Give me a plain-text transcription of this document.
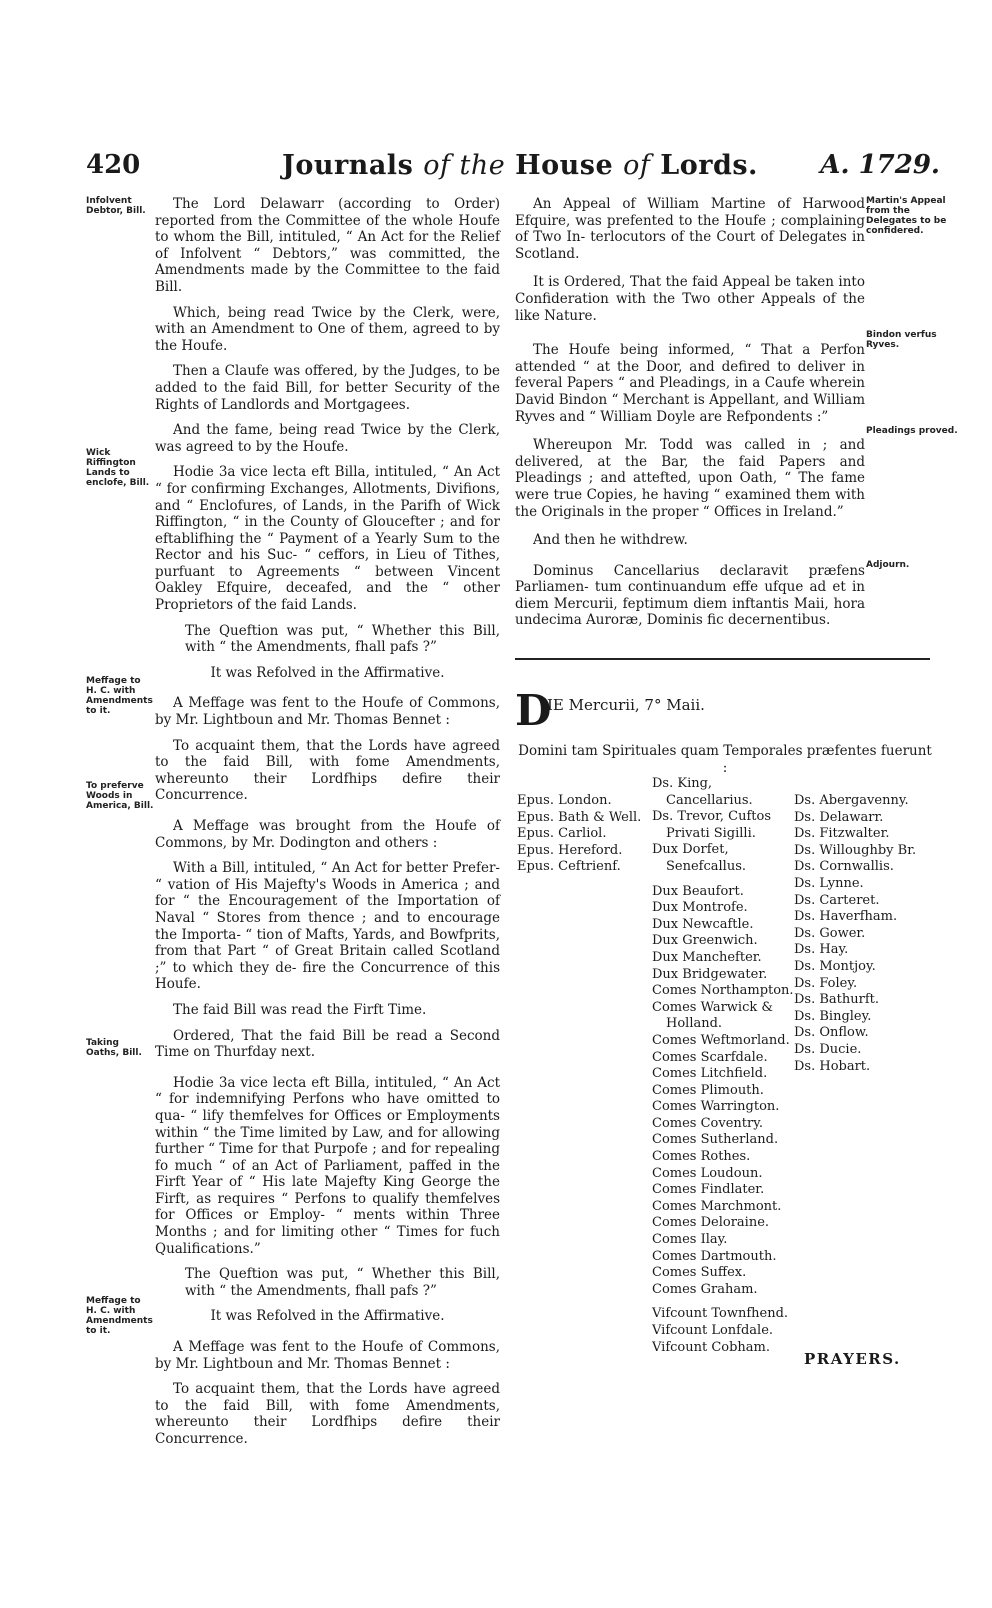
420	Journals of the House of Lords.	A. 1729.
Infolvent Debtor, Bill.
Wick Riffington Lands to enclofe, Bill.
Meffage to H. C. with Amendments to it.
To preferve Woods in America, Bill.
Taking Oaths, Bill.
Meffage to H. C. with Amendments to it.

The Lord Delawarr (according to Order) reported from the Committee of the whole Houfe to whom the Bill, intituled, “ An Act for the Relief of Infolvent “ Debtors,” was committed, the Amendments made by the Committee to the faid Bill.

Which, being read Twice by the Clerk, were, with an Amendment to One of them, agreed to by the Houfe.

Then a Claufe was offered, by the Judges, to be added to the faid Bill, for better Security of the Rights of Landlords and Mortgagees.

And the fame, being read Twice by the Clerk, was agreed to by the Houfe.

Hodie 3a vice lecta eft Billa, intituled, “ An Act “ for confirming Exchanges, Allotments, Divifions, and “ Enclofures, of Lands, in the Parifh of Wick Riffington, “ in the County of Gloucefter ; and for eftablifhing the “ Payment of a Yearly Sum to the Rector and his Suc- “ ceffors, in Lieu of Tithes, purfuant to Agreements “ between Vincent Oakley Efquire, deceafed, and the “ other Proprietors of the faid Lands.

The Queftion was put, “ Whether this Bill, with “ the Amendments, fhall pafs ?”

It was Refolved in the Affirmative.

A Meffage was fent to the Houfe of Commons, by Mr. Lightboun and Mr. Thomas Bennet :

To acquaint them, that the Lords have agreed to the faid Bill, with fome Amendments, whereunto their Lordfhips defire their Concurrence.

A Meffage was brought from the Houfe of Commons, by Mr. Dodington and others :

With a Bill, intituled, “ An Act for better Prefer- “ vation of His Majefty's Woods in America ; and for “ the Encouragement of the Importation of Naval “ Stores from thence ; and to encourage the Importa- “ tion of Mafts, Yards, and Bowfprits, from that Part “ of Great Britain called Scotland ;” to which they de- fire the Concurrence of this Houfe.

The faid Bill was read the Firft Time.

Ordered, That the faid Bill be read a Second Time on Thurfday next.

Hodie 3a vice lecta eft Billa, intituled, “ An Act “ for indemnifying Perfons who have omitted to qua- “ lify themfelves for Offices or Employments within “ the Time limited by Law, and for allowing further “ Time for that Purpofe ; and for repealing fo much “ of an Act of Parliament, paffed in the Firft Year of “ His late Majefty King George the Firft, as requires “ Perfons to qualify themfelves for Offices or Employ- “ ments within Three Months ; and for limiting other “ Times for fuch Qualifications.”

The Queftion was put, “ Whether this Bill, with “ the Amendments, fhall pafs ?”

It was Refolved in the Affirmative.

A Meffage was fent to the Houfe of Commons, by Mr. Lightboun and Mr. Thomas Bennet :

To acquaint them, that the Lords have agreed to the faid Bill, with fome Amendments, whereunto their Lordfhips defire their Concurrence.

Martin's Appeal from the Delegates to be confidered.
Bindon verfus Ryves.
Pleadings proved.
Adjourn.

An Appeal of William Martine of Harwood Efquire, was prefented to the Houfe ; complaining of Two In- terlocutors of the Court of Delegates in Scotland.

It is Ordered, That the faid Appeal be taken into Confideration with the Two other Appeals of the like Nature.

The Houfe being informed, “ That a Perfon attended “ at the Door, and defired to deliver in feveral Papers “ and Pleadings, in a Caufe wherein David Bindon “ Merchant is Appellant, and William Ryves and “ William Doyle are Refpondents :”

Whereupon Mr. Todd was called in ; and delivered, at the Bar, the faid Papers and Pleadings ; and attefted, upon Oath, “ The fame were true Copies, he having “ examined them with the Originals in the proper “ Offices in Ireland.”

And then he withdrew.

Dominus Cancellarius declaravit præfens Parliamen- tum continuandum effe ufque ad et in diem Mercurii, feptimum diem inftantis Maii, hora undecima Auroræ, Dominis fic decernentibus.

D
IE Mercurii, 7° Maii.
Domini tam Spirituales quam Temporales præfentes fuerunt :
Epus. London.
Epus. Bath & Well.
Epus. Carliol.
Epus. Hereford.
Epus. Ceftrienf.
Ds. King,
Cancellarius.
Ds. Trevor, Cuftos
Privati Sigilli.
Dux Dorfet,
Senefcallus.
Dux Beaufort.
Dux Montrofe.
Dux Newcaftle.
Dux Greenwich.
Dux Manchefter.
Dux Bridgewater.
Comes Northampton.
Comes Warwick &
Holland.
Comes Weftmorland.
Comes Scarfdale.
Comes Litchfield.
Comes Plimouth.
Comes Warrington.
Comes Coventry.
Comes Sutherland.
Comes Rothes.
Comes Loudoun.
Comes Findlater.
Comes Marchmont.
Comes Deloraine.
Comes Ilay.
Comes Dartmouth.
Comes Suffex.
Comes Graham.
Vifcount Townfhend.
Vifcount Lonfdale.
Vifcount Cobham.
Ds. Abergavenny.
Ds. Delawarr.
Ds. Fitzwalter.
Ds. Willoughby Br.
Ds. Cornwallis.
Ds. Lynne.
Ds. Carteret.
Ds. Haverfham.
Ds. Gower.
Ds. Hay.
Ds. Montjoy.
Ds. Foley.
Ds. Bathurft.
Ds. Bingley.
Ds. Onflow.
Ds. Ducie.
Ds. Hobart.
PRAYERS.
